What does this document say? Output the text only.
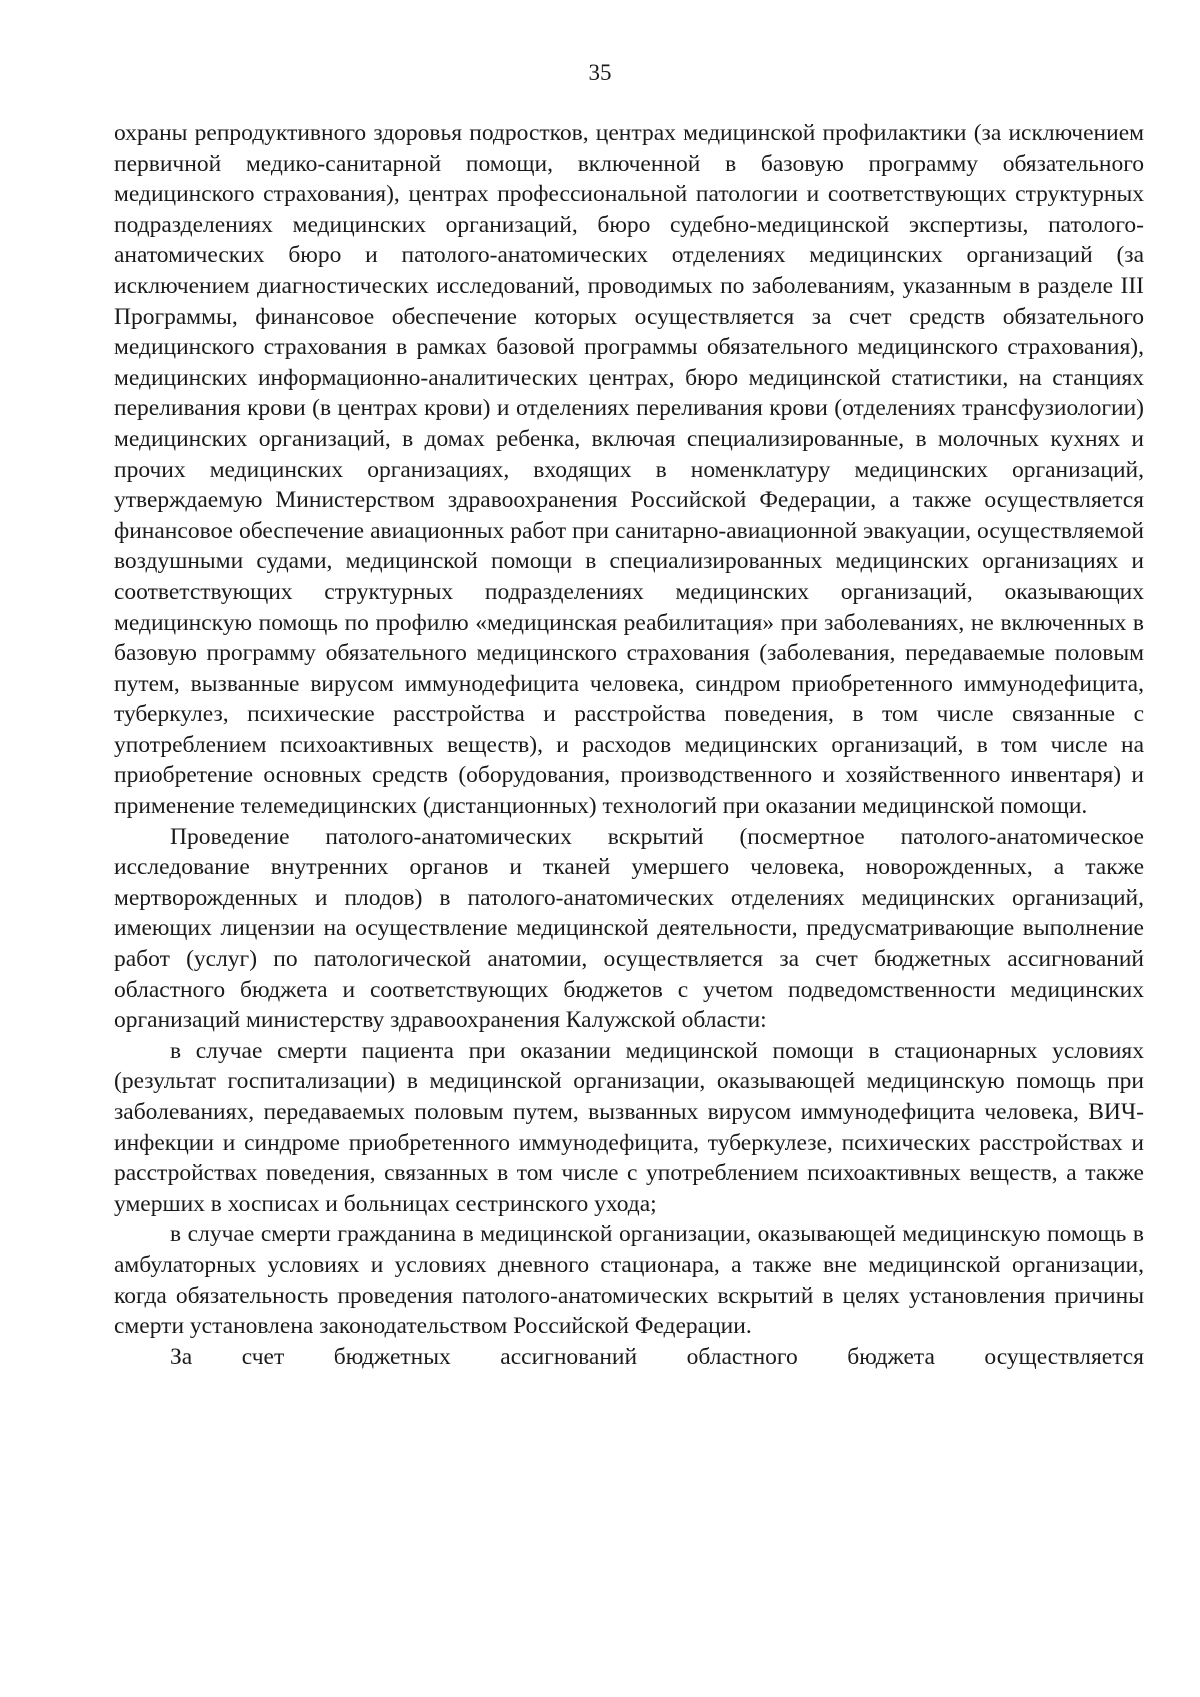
35

охраны репродуктивного здоровья подростков, центрах медицинской профилактики (за исключением первичной медико-санитарной помощи, включенной в базовую программу обязательного медицинского страхования), центрах профессиональной патологии и соответствующих структурных подразделениях медицинских организаций, бюро судебно-медицинской экспертизы, патолого-анатомических бюро и патолого-анатомических отделениях медицинских организаций (за исключением диагностических исследований, проводимых по заболеваниям, указанным в разделе III Программы, финансовое обеспечение которых осуществляется за счет средств обязательного медицинского страхования в рамках базовой программы обязательного медицинского страхования), медицинских информационно-аналитических центрах, бюро медицинской статистики, на станциях переливания крови (в центрах крови) и отделениях переливания крови (отделениях трансфузиологии) медицинских организаций, в домах ребенка, включая специализированные, в молочных кухнях и прочих медицинских организациях, входящих в номенклатуру медицинских организаций, утверждаемую Министерством здравоохранения Российской Федерации, а также осуществляется финансовое обеспечение авиационных работ при санитарно-авиационной эвакуации, осуществляемой воздушными судами, медицинской помощи в специализированных медицинских организациях и соответствующих структурных подразделениях медицинских организаций, оказывающих медицинскую помощь по профилю «медицинская реабилитация» при заболеваниях, не включенных в базовую программу обязательного медицинского страхования (заболевания, передаваемые половым путем, вызванные вирусом иммунодефицита человека, синдром приобретенного иммунодефицита, туберкулез, психические расстройства и расстройства поведения, в том числе связанные с употреблением психоактивных веществ), и расходов медицинских организаций, в том числе на приобретение основных средств (оборудования, производственного и хозяйственного инвентаря) и применение телемедицинских (дистанционных) технологий при оказании медицинской помощи.

Проведение патолого-анатомических вскрытий (посмертное патолого-анатомическое исследование внутренних органов и тканей умершего человека, новорожденных, а также мертворожденных и плодов) в патолого-анатомических отделениях медицинских организаций, имеющих лицензии на осуществление медицинской деятельности, предусматривающие выполнение работ (услуг) по патологической анатомии, осуществляется за счет бюджетных ассигнований областного бюджета и соответствующих бюджетов с учетом подведомственности медицинских организаций министерству здравоохранения Калужской области:

в случае смерти пациента при оказании медицинской помощи в стационарных условиях (результат госпитализации) в медицинской организации, оказывающей медицинскую помощь при заболеваниях, передаваемых половым путем, вызванных вирусом иммунодефицита человека, ВИЧ-инфекции и синдроме приобретенного иммунодефицита, туберкулезе, психических расстройствах и расстройствах поведения, связанных в том числе с употреблением психоактивных веществ, а также умерших в хосписах и больницах сестринского ухода;

в случае смерти гражданина в медицинской организации, оказывающей медицинскую помощь в амбулаторных условиях и условиях дневного стационара, а также вне медицинской организации, когда обязательность проведения патолого-анатомических вскрытий в целях установления причины смерти установлена законодательством Российской Федерации.

За счет бюджетных ассигнований областного бюджета осуществляется
